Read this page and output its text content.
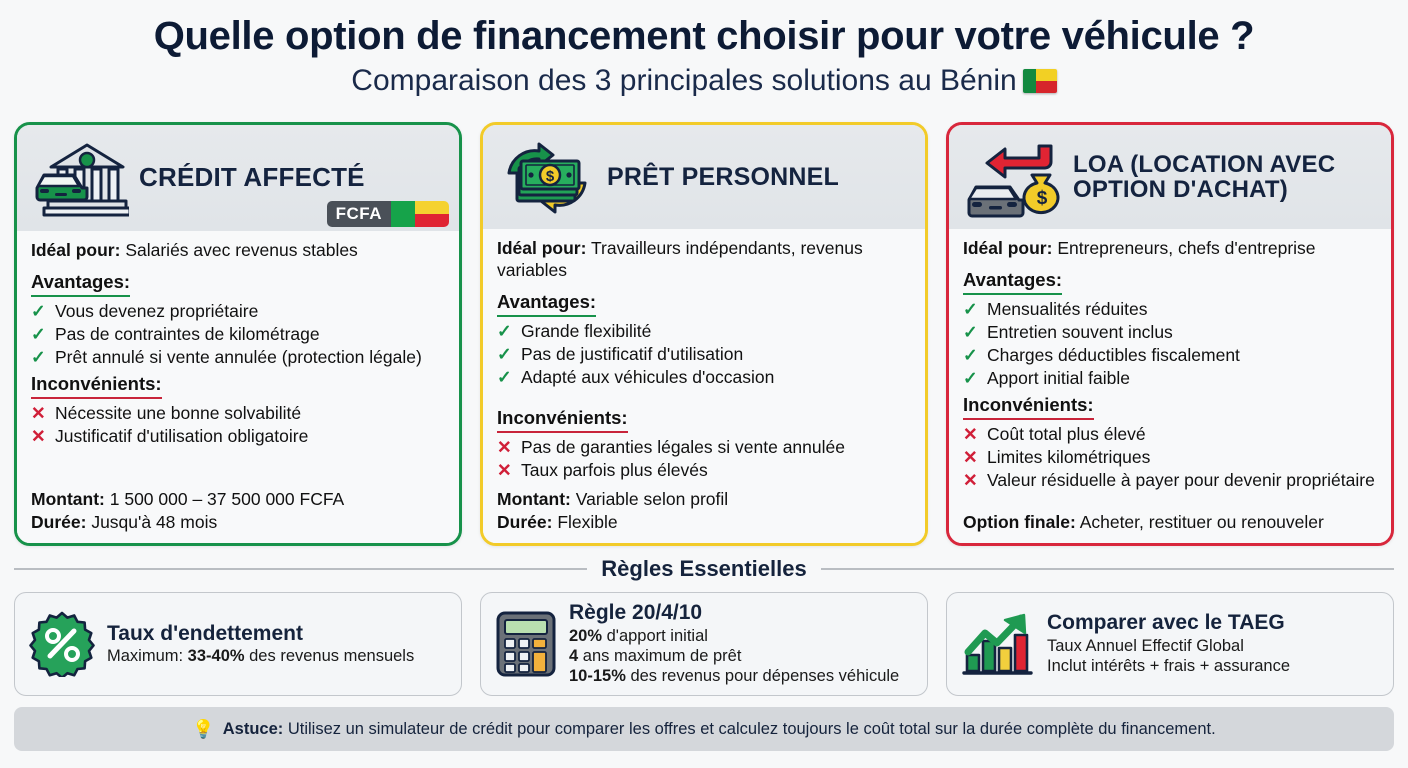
Quelle option de financement choisir pour votre véhicule ?
Comparaison des 3 principales solutions au Bénin
CRÉDIT AFFECTÉ
FCFA
Idéal pour: Salariés avec revenus stables
Avantages:
✓ Vous devenez propriétaire
✓ Pas de contraintes de kilométrage
✓ Prêt annulé si vente annulée (protection légale)
Inconvénients:
✕ Nécessite une bonne solvabilité
✕ Justificatif d'utilisation obligatoire
Montant: 1 500 000 – 37 500 000 FCFA
Durée: Jusqu'à 48 mois
$ PRÊT PERSONNEL
Idéal pour: Travailleurs indépendants, revenus variables
Avantages:
✓ Grande flexibilité
✓ Pas de justificatif d'utilisation
✓ Adapté aux véhicules d'occasion
Inconvénients:
✕ Pas de garanties légales si vente annulée
✕ Taux parfois plus élevés
Montant: Variable selon profil
Durée: Flexible
$
LOA (LOCATION AVEC OPTION D'ACHAT)
Idéal pour: Entrepreneurs, chefs d'entreprise
Avantages:
✓ Mensualités réduites
✓ Entretien souvent inclus
✓ Charges déductibles fiscalement
✓ Apport initial faible
Inconvénients:
✕ Coût total plus élevé
✕ Limites kilométriques
✕ Valeur résiduelle à payer pour devenir propriétaire
Option finale: Acheter, restituer ou renouveler
Règles Essentielles
Taux d'endettement
Maximum: 33-40% des revenus mensuels
Règle 20/4/10
20% d'apport initial
4 ans maximum de prêt
10-15% des revenus pour dépenses véhicule
Comparer avec le TAEG
Taux Annuel Effectif Global
Inclut intérêts + frais + assurance
💡 Astuce: Utilisez un simulateur de crédit pour comparer les offres et calculez toujours le coût total sur la durée complète du financement.
